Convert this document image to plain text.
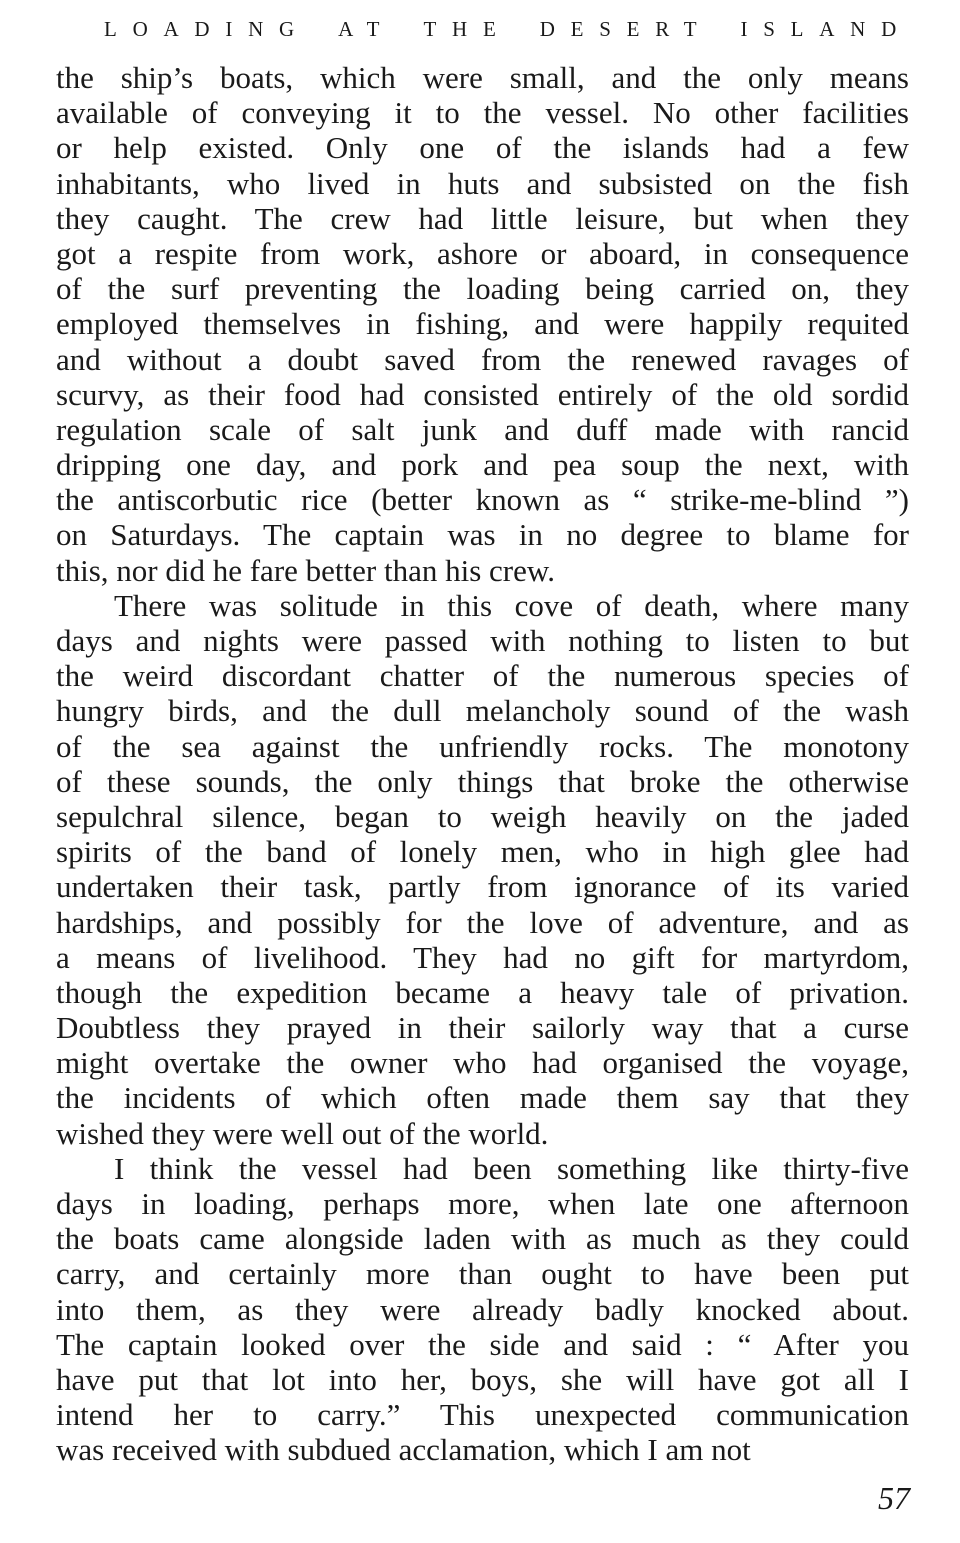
LOADING AT THE DESERT ISLAND
the ship’s boats, which were small, and the only means
available of conveying it to the vessel. No other facilities
or help existed. Only one of the islands had a few
inhabitants, who lived in huts and subsisted on the fish
they caught. The crew had little leisure, but when they
got a respite from work, ashore or aboard, in consequence
of the surf preventing the loading being carried on, they
employed themselves in fishing, and were happily requited
and without a doubt saved from the renewed ravages of
scurvy, as their food had consisted entirely of the old sordid
regulation scale of salt junk and duff made with rancid
dripping one day, and pork and pea soup the next, with
the antiscorbutic rice (better known as “ strike-me-blind ”)
on Saturdays. The captain was in no degree to blame for
this, nor did he fare better than his crew.
There was solitude in this cove of death, where many
days and nights were passed with nothing to listen to but
the weird discordant chatter of the numerous species of
hungry birds, and the dull melancholy sound of the wash
of the sea against the unfriendly rocks. The monotony
of these sounds, the only things that broke the otherwise
sepulchral silence, began to weigh heavily on the jaded
spirits of the band of lonely men, who in high glee had
undertaken their task, partly from ignorance of its varied
hardships, and possibly for the love of adventure, and as
a means of livelihood. They had no gift for martyrdom,
though the expedition became a heavy tale of privation.
Doubtless they prayed in their sailorly way that a curse
might overtake the owner who had organised the voyage,
the incidents of which often made them say that they
wished they were well out of the world.
I think the vessel had been something like thirty-five
days in loading, perhaps more, when late one afternoon
the boats came alongside laden with as much as they could
carry, and certainly more than ought to have been put
into them, as they were already badly knocked about.
The captain looked over the side and said : “ After you
have put that lot into her, boys, she will have got all I
intend her to carry.” This unexpected communication
was received with subdued acclamation, which I am not
57
